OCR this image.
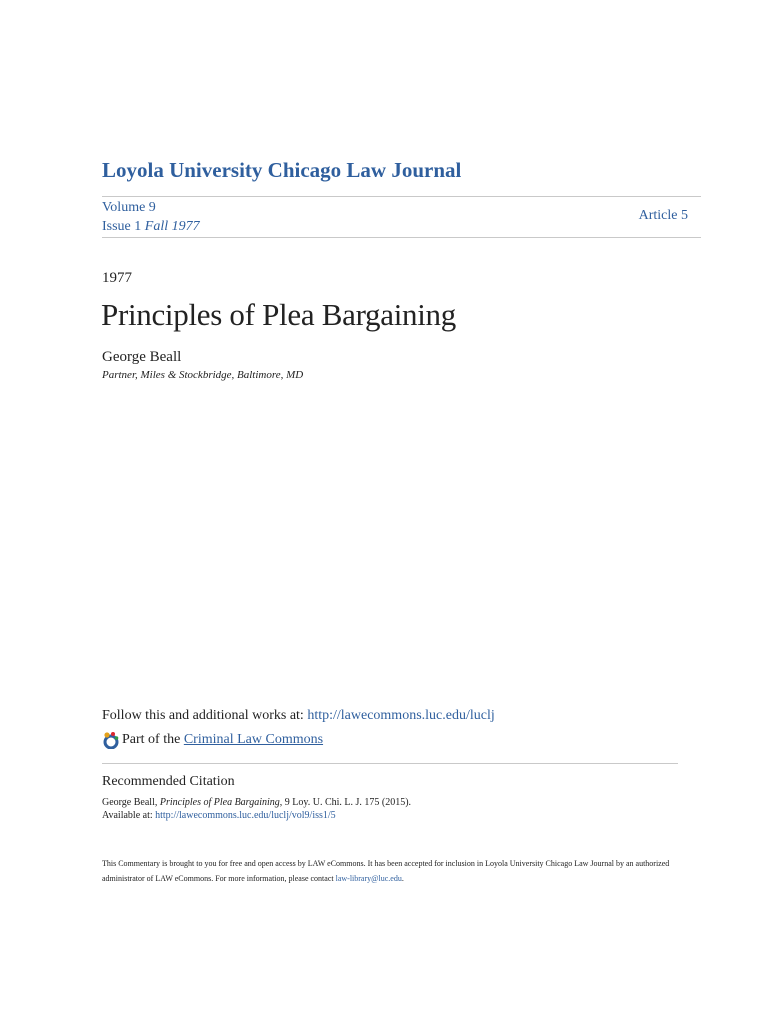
Loyola University Chicago Law Journal
Volume 9
Issue 1 Fall 1977
Article 5
1977
Principles of Plea Bargaining
George Beall
Partner, Miles & Stockbridge, Baltimore, MD
Follow this and additional works at: http://lawecommons.luc.edu/luclj
Part of the
Criminal Law Commons
Recommended Citation
George Beall, Principles of Plea Bargaining, 9 Loy. U. Chi. L. J. 175 (2015).
Available at: http://lawecommons.luc.edu/luclj/vol9/iss1/5
This Commentary is brought to you for free and open access by LAW eCommons. It has been accepted for inclusion in Loyola University Chicago Law Journal by an authorized administrator of LAW eCommons. For more information, please contact law-library@luc.edu.
